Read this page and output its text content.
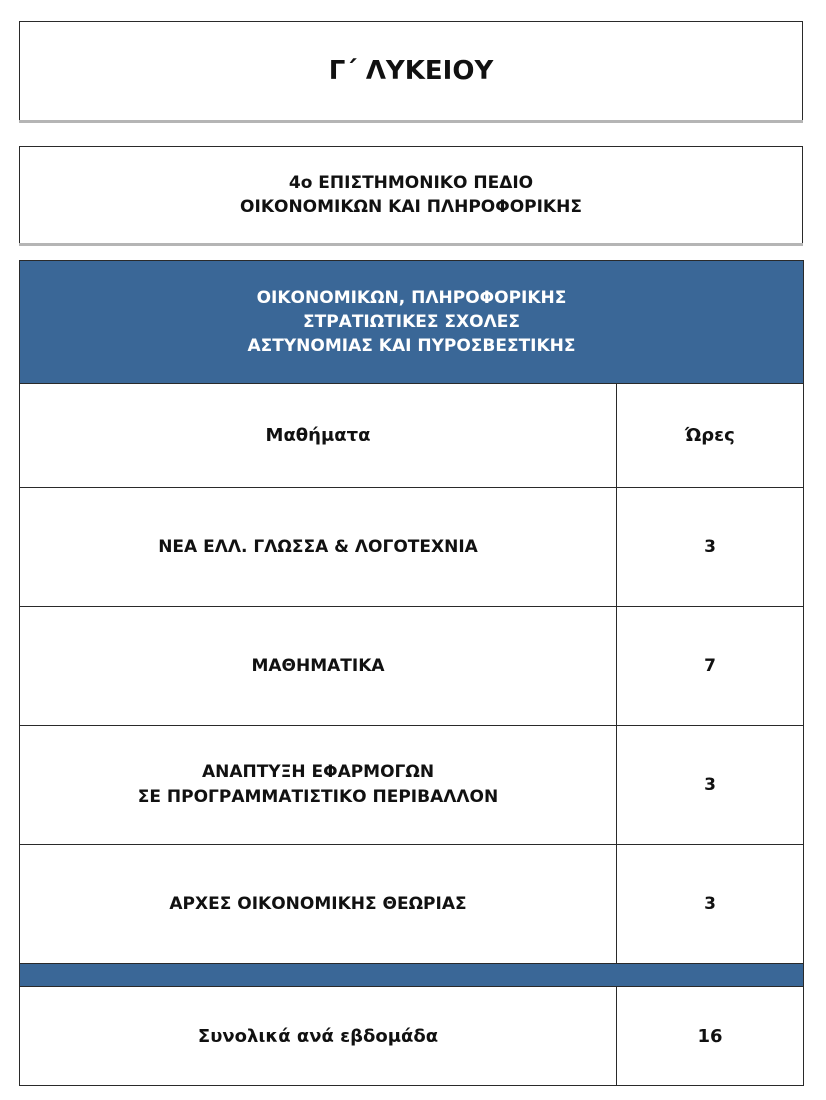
Γ΄ ΛΥΚΕΙΟΥ
4ο ΕΠΙΣΤΗΜΟΝΙΚΟ ΠΕΔΙΟ
ΟΙΚΟΝΟΜΙΚΩΝ ΚΑΙ ΠΛΗΡΟΦΟΡΙΚΗΣ
ΟΙΚΟΝΟΜΙΚΩΝ, ΠΛΗΡΟΦΟΡΙΚΗΣ
ΣΤΡΑΤΙΩΤΙΚΕΣ ΣΧΟΛΕΣ
ΑΣΤΥΝΟΜΙΑΣ ΚΑΙ ΠΥΡΟΣΒΕΣΤΙΚΗΣ	

Μαθήματα	Ώρες

ΝΕΑ ΕΛΛ. ΓΛΩΣΣΑ & ΛΟΓΟΤΕΧΝΙΑ	3

ΜΑΘΗΜΑΤΙΚΑ	7

ΑΝΑΠΤΥΞΗ ΕΦΑΡΜΟΓΩΝ
ΣΕ ΠΡΟΓΡΑΜΜΑΤΙΣΤΙΚΟ ΠΕΡΙΒΑΛΛΟΝ	3

ΑΡΧΕΣ ΟΙΚΟΝΟΜΙΚΗΣ ΘΕΩΡΙΑΣ	3

Συνολικά ανά εβδομάδα	16
